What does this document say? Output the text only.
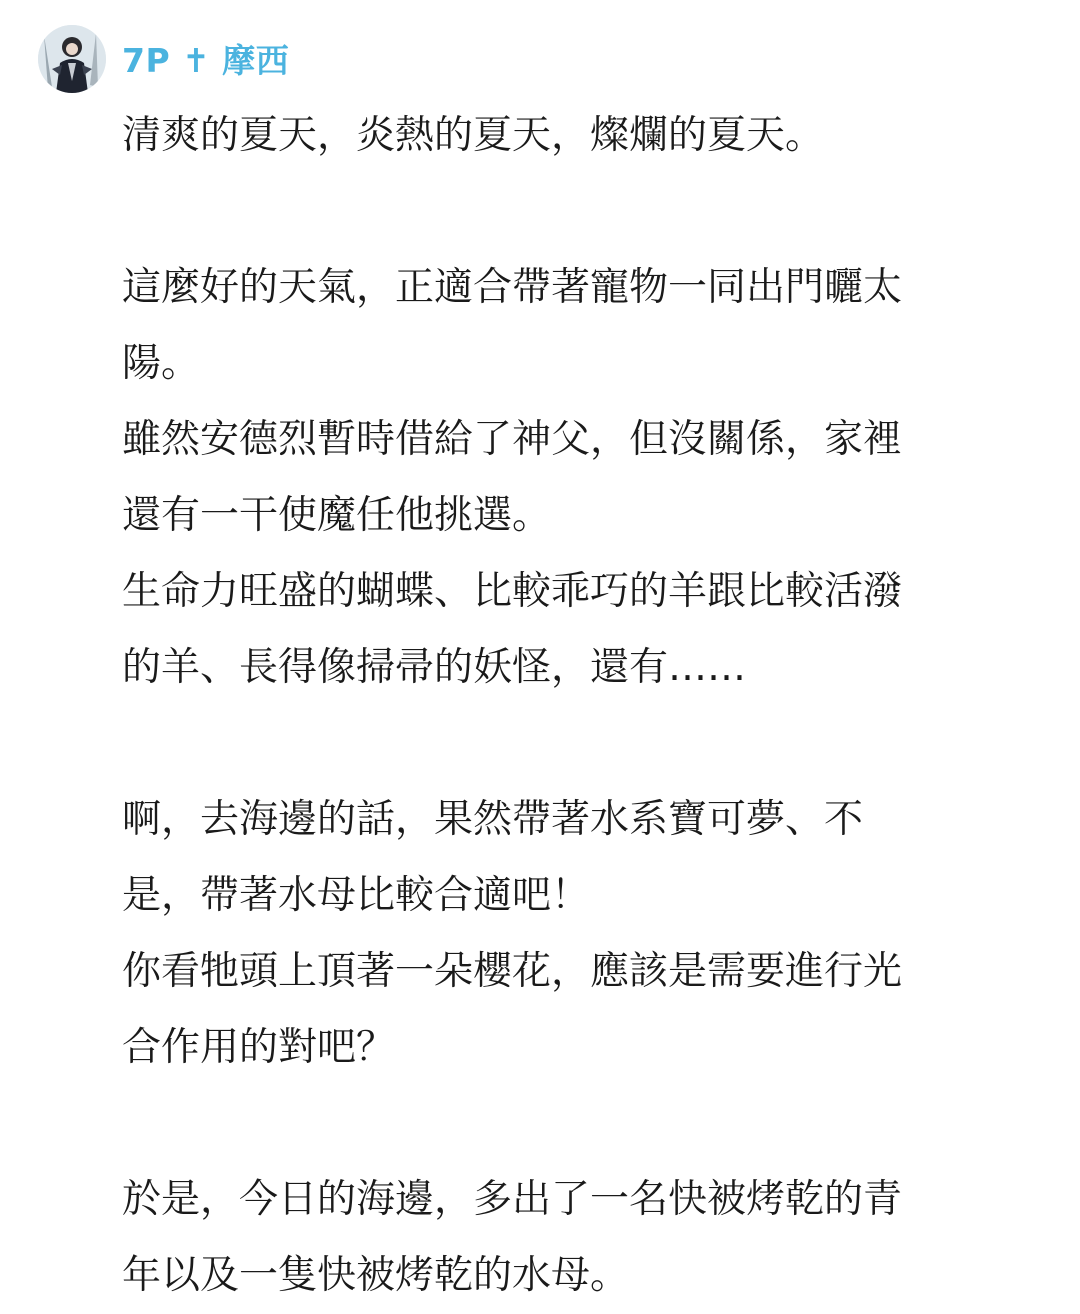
7P ✝ 摩西
清爽的夏天，炎熱的夏天，燦爛的夏天。
這麼好的天氣，正適合帶著寵物一同出門曬太
陽。
雖然安德烈暫時借給了神父，但沒關係，家裡
還有一干使魔任他挑選。
生命力旺盛的蝴蝶、比較乖巧的羊跟比較活潑
的羊、長得像掃帚的妖怪，還有……
啊，去海邊的話，果然帶著水系寶可夢、不
是，帶著水母比較合適吧！
你看牠頭上頂著一朵櫻花，應該是需要進行光
合作用的對吧？
於是，今日的海邊，多出了一名快被烤乾的青
年以及一隻快被烤乾的水母。
